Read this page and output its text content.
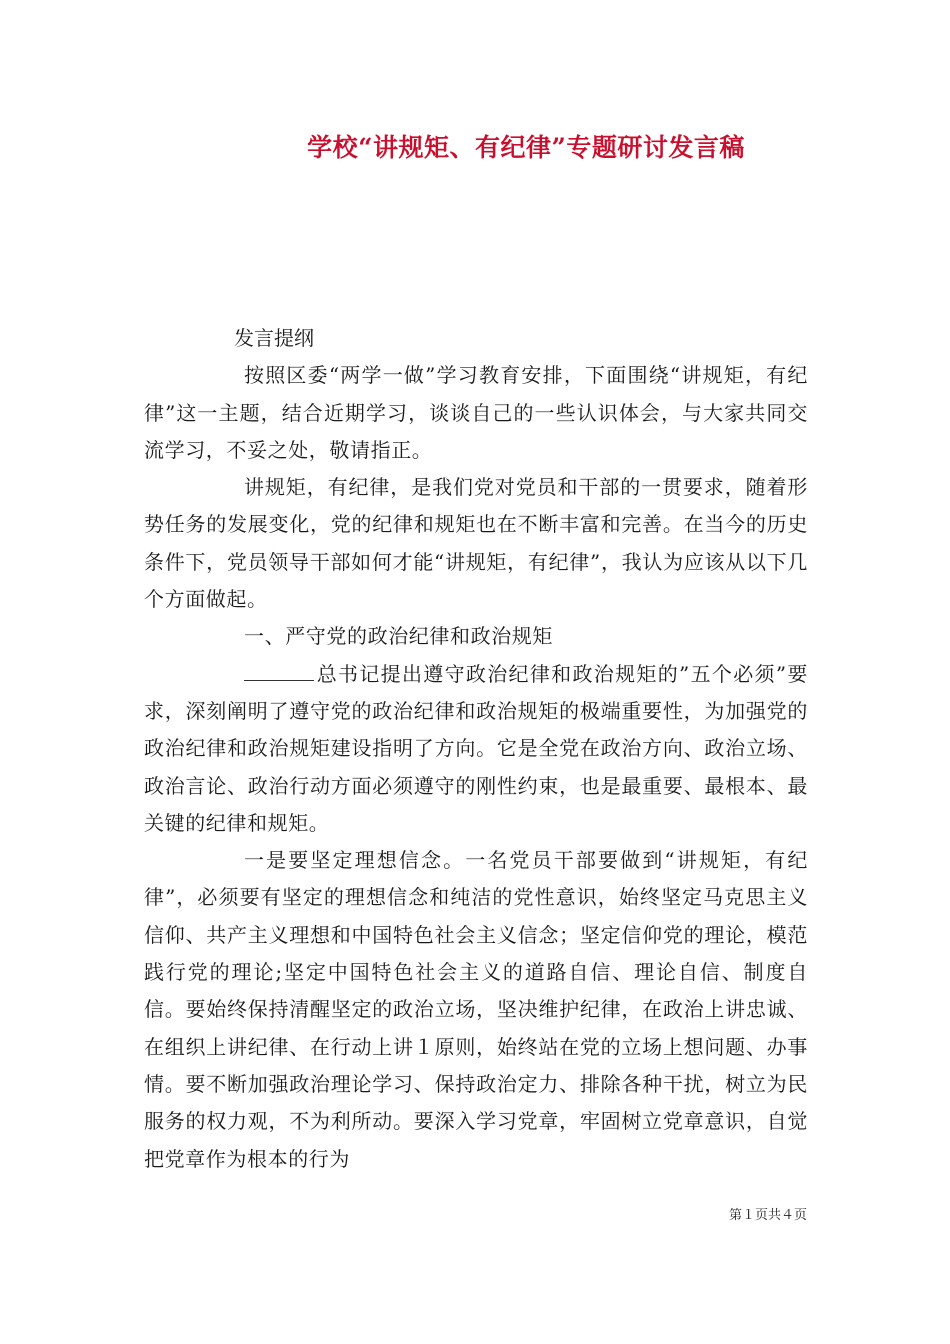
学校“讲规矩、有纪律”专题研讨发言稿

发言提纲

按照区委“两学一做”学习教育安排，下面围绕“讲规矩，有纪律”这一主题，结合近期学习，谈谈自己的一些认识体会，与大家共同交流学习，不妥之处，敬请指正。

讲规矩，有纪律，是我们党对党员和干部的一贯要求，随着形势任务的发展变化，党的纪律和规矩也在不断丰富和完善。在当今的历史条件下，党员领导干部如何才能“讲规矩，有纪律”，我认为应该从以下几个方面做起。

一、严守党的政治纪律和政治规矩

总书记提出遵守政治纪律和政治规矩的”五个必须”要求，深刻阐明了遵守党的政治纪律和政治规矩的极端重要性，为加强党的政治纪律和政治规矩建设指明了方向。它是全党在政治方向、政治立场、政治言论、政治行动方面必须遵守的刚性约束，也是最重要、最根本、最关键的纪律和规矩。

一是要坚定理想信念。一名党员干部要做到“讲规矩，有纪律”，必须要有坚定的理想信念和纯洁的党性意识，始终坚定马克思主义信仰、共产主义理想和中国特色社会主义信念；坚定信仰党的理论，模范践行党的理论;坚定中国特色社会主义的道路自信、理论自信、制度自信。要始终保持清醒坚定的政治立场，坚决维护纪律，在政治上讲忠诚、在组织上讲纪律、在行动上讲１原则，始终站在党的立场上想问题、办事情。要不断加强政治理论学习、保持政治定力、排除各种干扰，树立为民服务的权力观，不为利所动。要深入学习党章，牢固树立党章意识，自觉把党章作为根本的行为

第１页共４页
